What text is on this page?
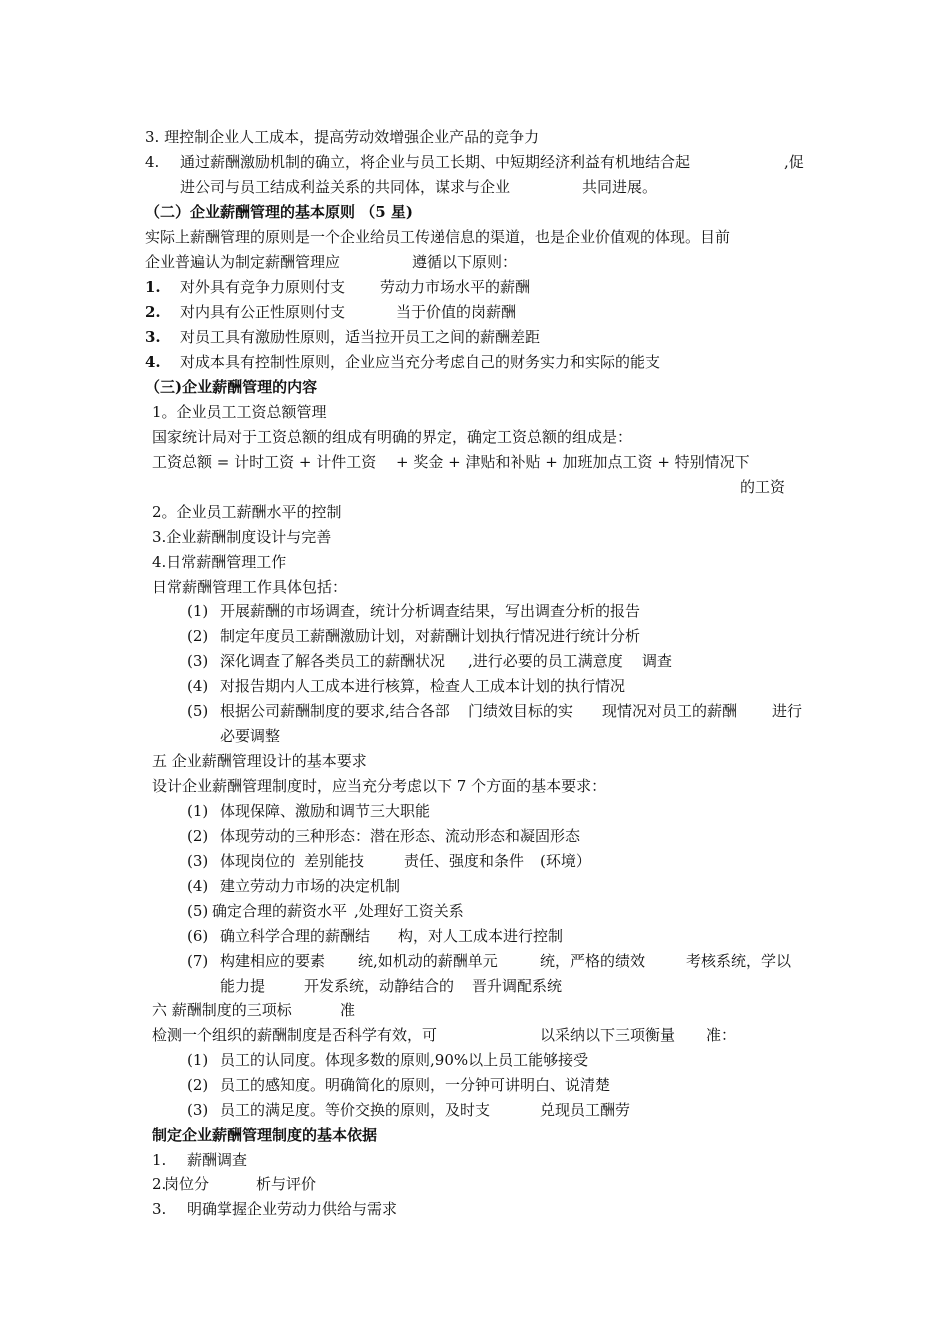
3. 理控制企业人工成本，提高劳动效增强企业产品的竞争力
4. 通过薪酬激励机制的确立，将企业与员工长期、中短期经济利益有机地结合起	,促
进公司与员工结成利益关系的共同体，谋求与企业	共同进展。
（二）企业薪酬管理的基本原则 （5 星)
实际上薪酬管理的原则是一个企业给员工传递信息的渠道，也是企业价值观的体现。目前
企业普遍认为制定薪酬管理应	遵循以下原则：
1. 对外具有竞争力原则付支 劳动力市场水平的薪酬
2. 对内具有公正性原则付支	当于价值的岗薪酬
3. 对员工具有激励性原则，适当拉开员工之间的薪酬差距
4. 对成本具有控制性原则，企业应当充分考虑自己的财务实力和实际的能支
（三)企业薪酬管理的内容
1。企业员工工资总额管理
国家统计局对于工资总额的组成有明确的界定，确定工资总额的组成是：
工资总额 = 计时工资 + 计件工资 + 奖金 + 津贴和补贴 + 加班加点工资 + 特别情况下
的工资
2。企业员工薪酬水平的控制
3.企业薪酬制度设计与完善
4.日常薪酬管理工作
日常薪酬管理工作具体包括：
(1) 开展薪酬的市场调查，统计分析调查结果，写出调查分析的报告
(2) 制定年度员工薪酬激励计划，对薪酬计划执行情况进行统计分析
(3) 深化调查了解各类员工的薪酬状况 ,进行必要的员工满意度 调查
(4) 对报告期内人工成本进行核算，检查人工成本计划的执行情况
(5) 根据公司薪酬制度的要求,结合各部 门绩效目标的实 现情况对员工的薪酬 进行
必要调整
五 企业薪酬管理设计的基本要求
设计企业薪酬管理制度时，应当充分考虑以下 7 个方面的基本要求：
(1) 体现保障、激励和调节三大职能
(2) 体现劳动的三种形态：潜在形态、流动形态和凝固形态
(3) 体现岗位的 差别能技	责任、强度和条件 (环境）
(4) 建立劳动力市场的决定机制
(5) 确定合理的薪资水平 ,处理好工资关系
(6) 确立科学合理的薪酬结 构，对人工成本进行控制
(7) 构建相应的要素 统,如机动的薪酬单元	统，严格的绩效	考核系统，学以
能力提	开发系统，动静结合的 晋升调配系统
六 薪酬制度的三项标	准
检测一个组织的薪酬制度是否科学有效，可	以采纳以下三项衡量 准：
(1) 员工的认同度。体现多数的原则,90%以上员工能够接受
(2) 员工的感知度。明确简化的原则，一分钟可讲明白、说清楚
(3) 员工的满足度。等价交换的原则，及时支	兑现员工酬劳
制定企业薪酬管理制度的基本依据
1. 薪酬调查
2.
岗位分	析与评价
3. 明确掌握企业劳动力供给与需求
